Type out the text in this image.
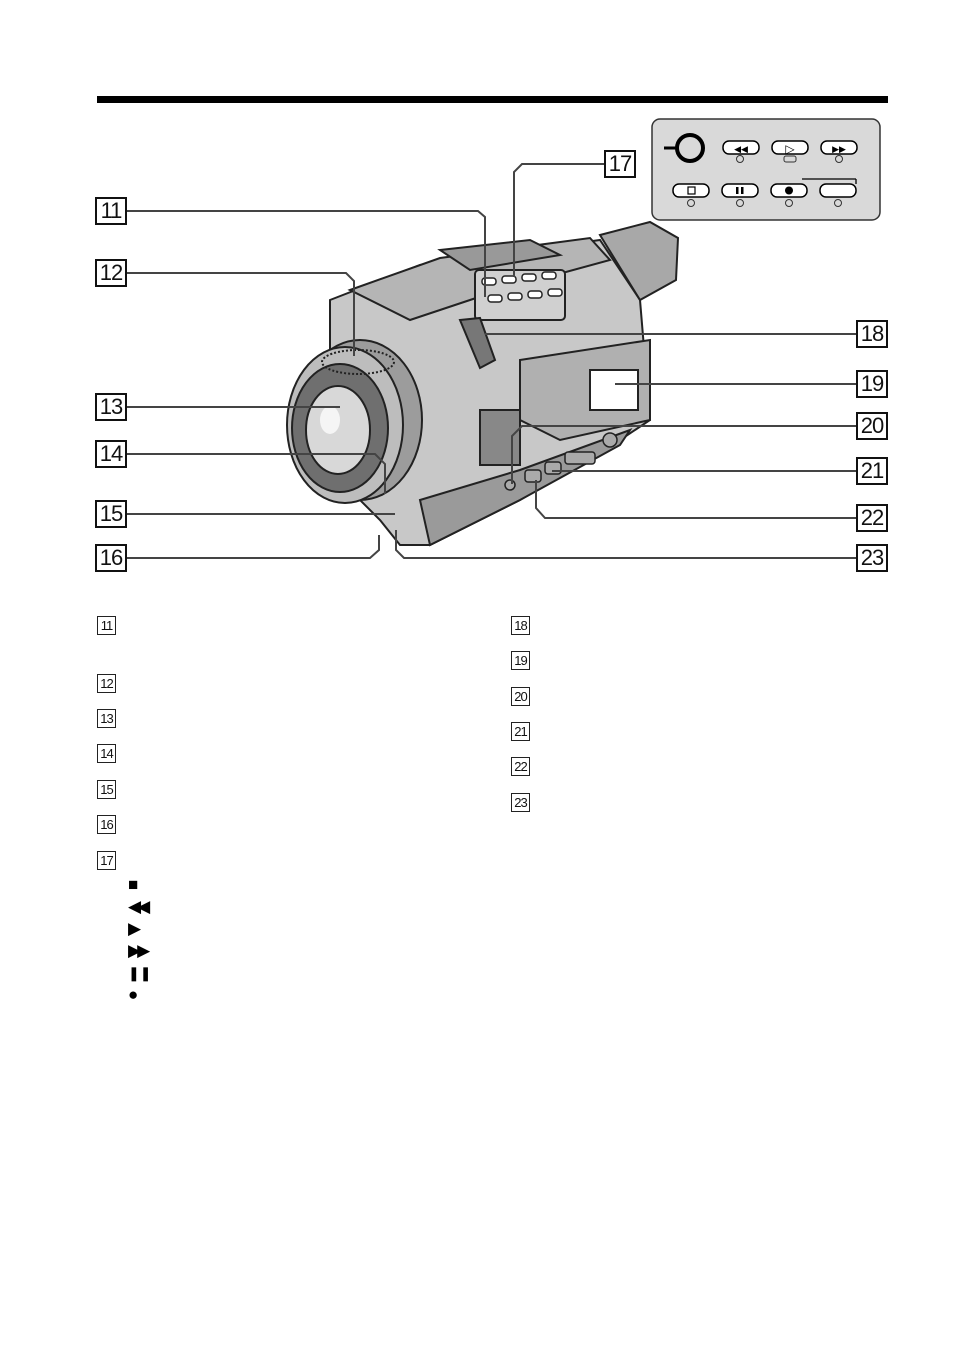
◀◀	▷	▶▶
11
12
13
14
15
16
17
18
19
20
21
22
23
11
12
13
14
15
16
17
■
◀◀
▶
▶▶
❚❚
●
18
19
20
21
22
23
